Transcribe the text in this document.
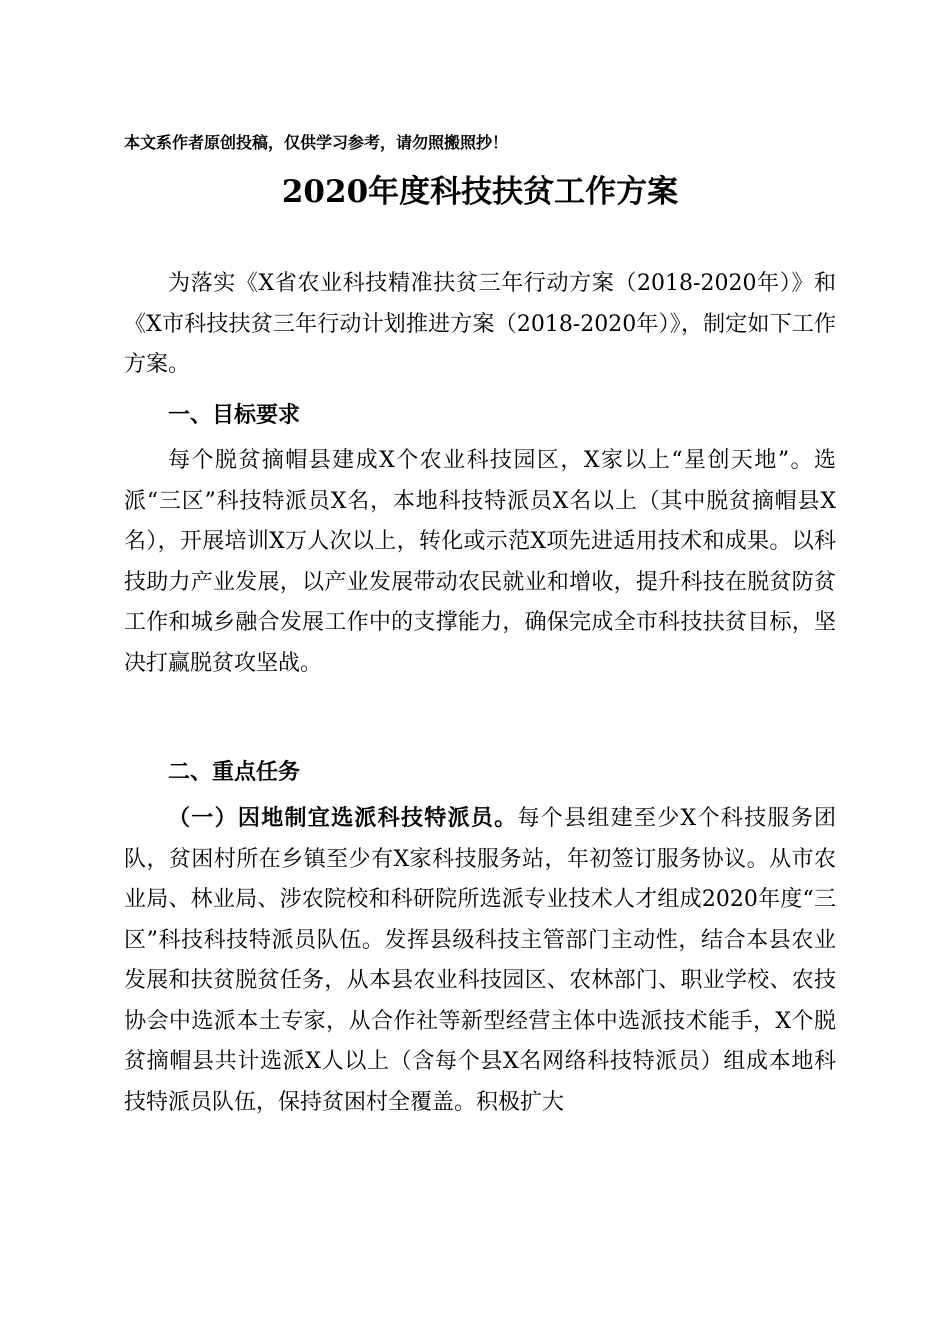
本文系作者原创投稿，仅供学习参考，请勿照搬照抄！
2020年度科技扶贫工作方案

为落实《X省农业科技精准扶贫三年行动方案（2018-2020年）》和《X市科技扶贫三年行动计划推进方案（2018-2020年）》，制定如下工作方案。

一、目标要求

每个脱贫摘帽县建成X个农业科技园区，X家以上“星创天地”。选派“三区”科技特派员X名，本地科技特派员X名以上（其中脱贫摘帽县X名），开展培训X万人次以上，转化或示范X项先进适用技术和成果。以科技助力产业发展，以产业发展带动农民就业和增收，提升科技在脱贫防贫工作和城乡融合发展工作中的支撑能力，确保完成全市科技扶贫目标，坚决打赢脱贫攻坚战。

二、重点任务

（一）因地制宜选派科技特派员。每个县组建至少X个科技服务团队，贫困村所在乡镇至少有X家科技服务站，年初签订服务协议。从市农业局、林业局、涉农院校和科研院所选派专业技术人才组成2020年度“三区”科技科技特派员队伍。发挥县级科技主管部门主动性，结合本县农业发展和扶贫脱贫任务，从本县农业科技园区、农林部门、职业学校、农技协会中选派本土专家，从合作社等新型经营主体中选派技术能手，X个脱贫摘帽县共计选派X人以上（含每个县X名网络科技特派员）组成本地科技特派员队伍，保持贫困村全覆盖。积极扩大
